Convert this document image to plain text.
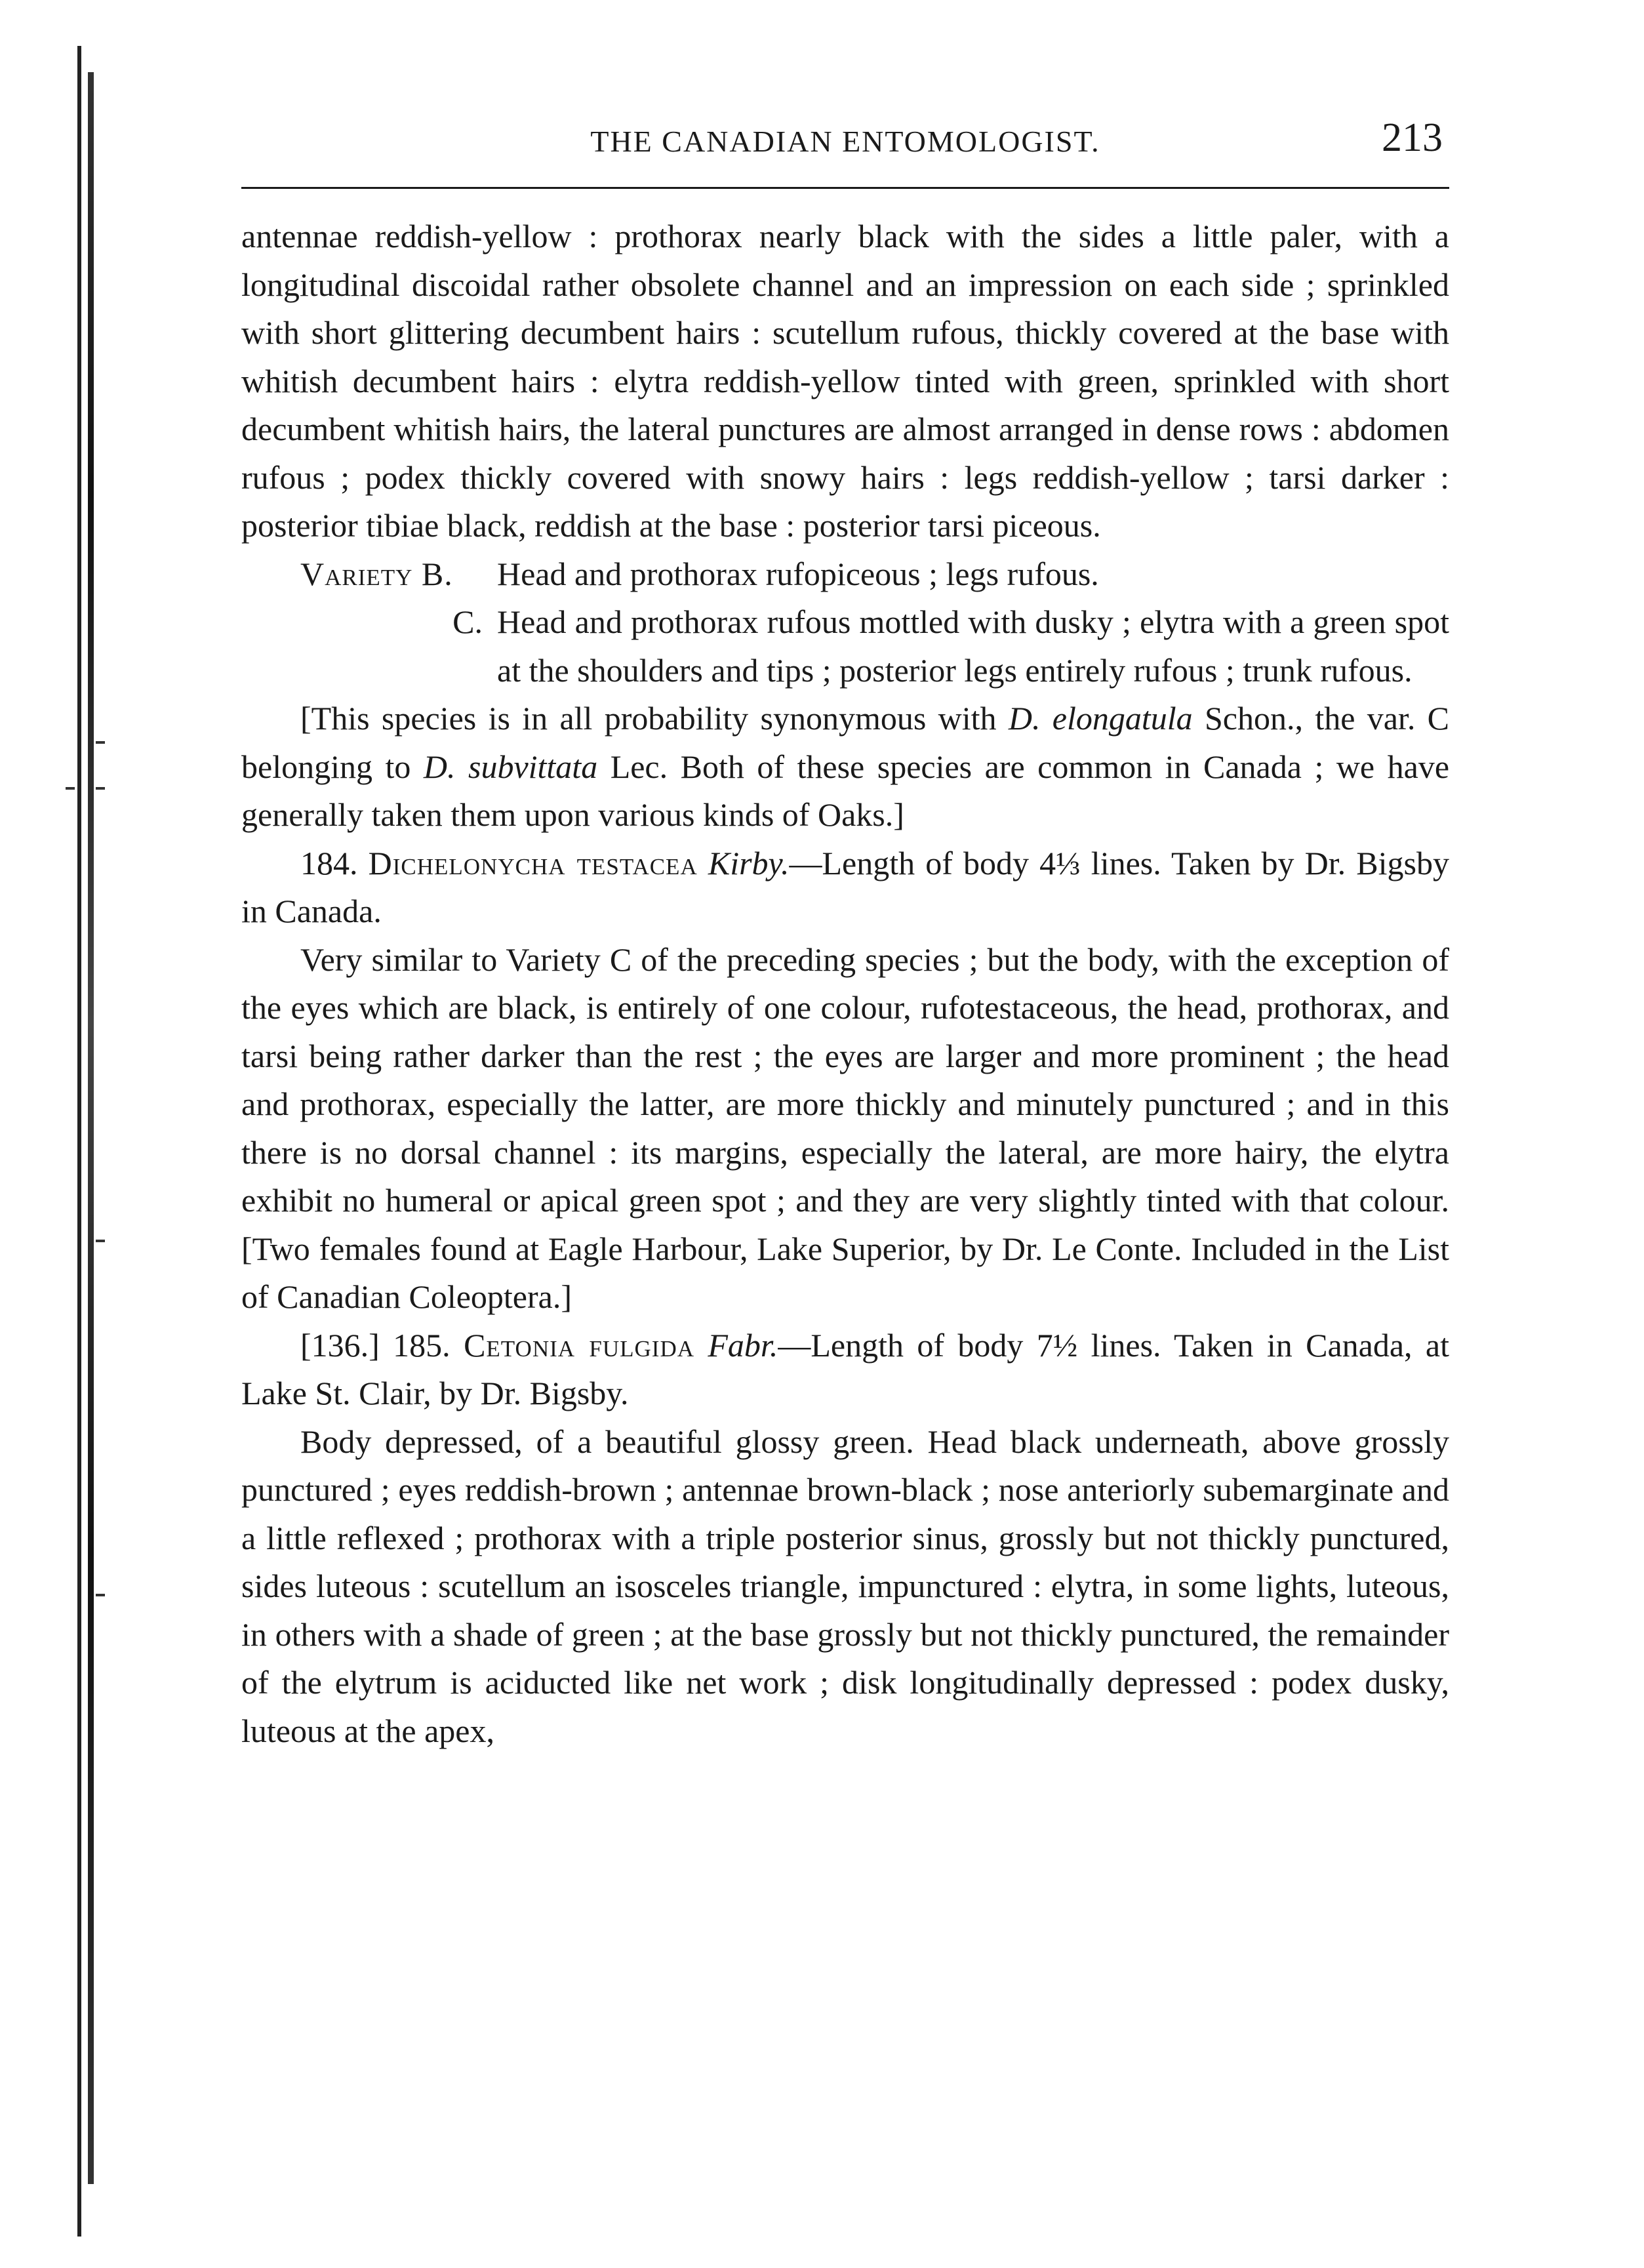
THE CANADIAN ENTOMOLOGIST.	213

antennae reddish-yellow : prothorax nearly black with the sides a little paler, with a longitudinal discoidal rather obsolete channel and an impression on each side ; sprinkled with short glittering decumbent hairs : scutellum rufous, thickly covered at the base with whitish decumbent hairs : elytra reddish-yellow tinted with green, sprinkled with short decumbent whitish hairs, the lateral punctures are almost arranged in dense rows : abdomen rufous ; podex thickly covered with snowy hairs : legs reddish-yellow ; tarsi darker : posterior tibiae black, reddish at the base : posterior tarsi piceous.

Variety B.	Head and prothorax rufopiceous ; legs rufous.
C. Head and prothorax rufous mottled with dusky ; elytra with a green spot at the shoulders and tips ; posterior legs entirely rufous ; trunk rufous.

[This species is in all probability synonymous with D. elongatula Schon., the var. C belonging to D. subvittata Lec. Both of these species are common in Canada ; we have generally taken them upon various kinds of Oaks.]

184. Dichelonycha testacea Kirby.—Length of body 4⅓ lines. Taken by Dr. Bigsby in Canada.

Very similar to Variety C of the preceding species ; but the body, with the exception of the eyes which are black, is entirely of one colour, rufotestaceous, the head, prothorax, and tarsi being rather darker than the rest ; the eyes are larger and more prominent ; the head and prothorax, especially the latter, are more thickly and minutely punctured ; and in this there is no dorsal channel : its margins, especially the lateral, are more hairy, the elytra exhibit no humeral or apical green spot ; and they are very slightly tinted with that colour. [Two females found at Eagle Harbour, Lake Superior, by Dr. Le Conte. Included in the List of Canadian Coleoptera.]

[136.] 185. Cetonia fulgida Fabr.—Length of body 7½ lines. Taken in Canada, at Lake St. Clair, by Dr. Bigsby.

Body depressed, of a beautiful glossy green. Head black underneath, above grossly punctured ; eyes reddish-brown ; antennae brown-black ; nose anteriorly subemarginate and a little reflexed ; prothorax with a triple posterior sinus, grossly but not thickly punctured, sides luteous : scutellum an isosceles triangle, impunctured : elytra, in some lights, luteous, in others with a shade of green ; at the base grossly but not thickly punctured, the remainder of the elytrum is aciducted like net work ; disk longitudinally depressed : podex dusky, luteous at the apex,
